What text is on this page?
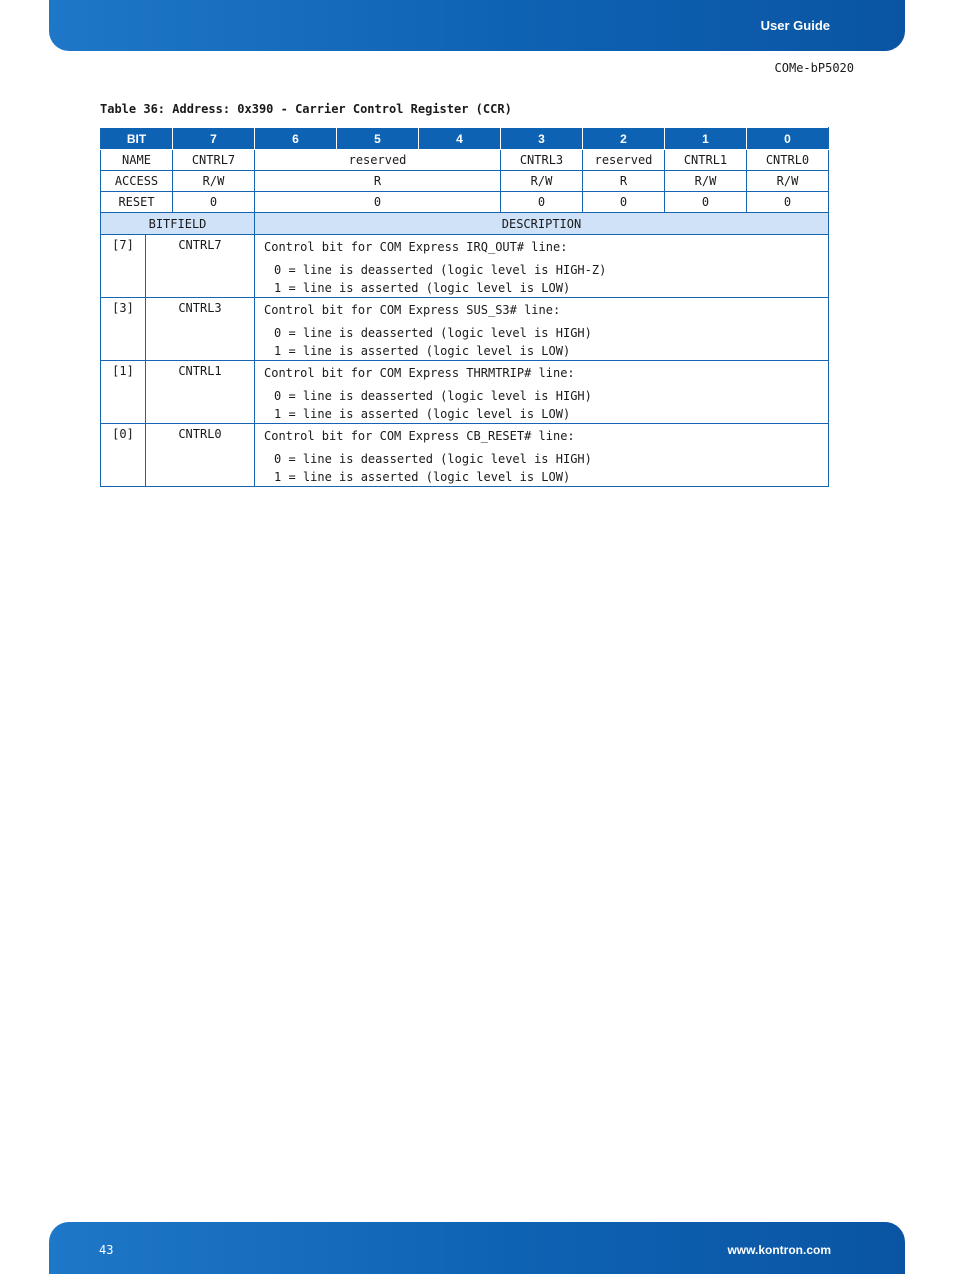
User Guide
COMe-bP5020
Table 36: Address: 0x390 - Carrier Control Register (CCR)
BIT		7	6	5	4	3	2	1	0
NAME		CNTRL7	reserved			CNTRL3	reserved	CNTRL1	CNTRL0
ACCESS		R/W	R			R/W	R	R/W	R/W
RESET		0	0			0	0	0	0
BITFIELD			DESCRIPTION						
[7]	CNTRL7		Control bit for COM Express IRQ_OUT# line:
0 = line is deasserted (logic level is HIGH-Z)
1 = line is asserted (logic level is LOW)						

[3]	CNTRL3		Control bit for COM Express SUS_S3# line:
0 = line is deasserted (logic level is HIGH)
1 = line is asserted (logic level is LOW)						

[1]	CNTRL1		Control bit for COM Express THRMTRIP# line:
0 = line is deasserted (logic level is HIGH)
1 = line is asserted (logic level is LOW)						

[0]	CNTRL0		Control bit for COM Express CB_RESET# line:
0 = line is deasserted (logic level is HIGH)
1 = line is asserted (logic level is LOW)						
43	www.kontron.com
